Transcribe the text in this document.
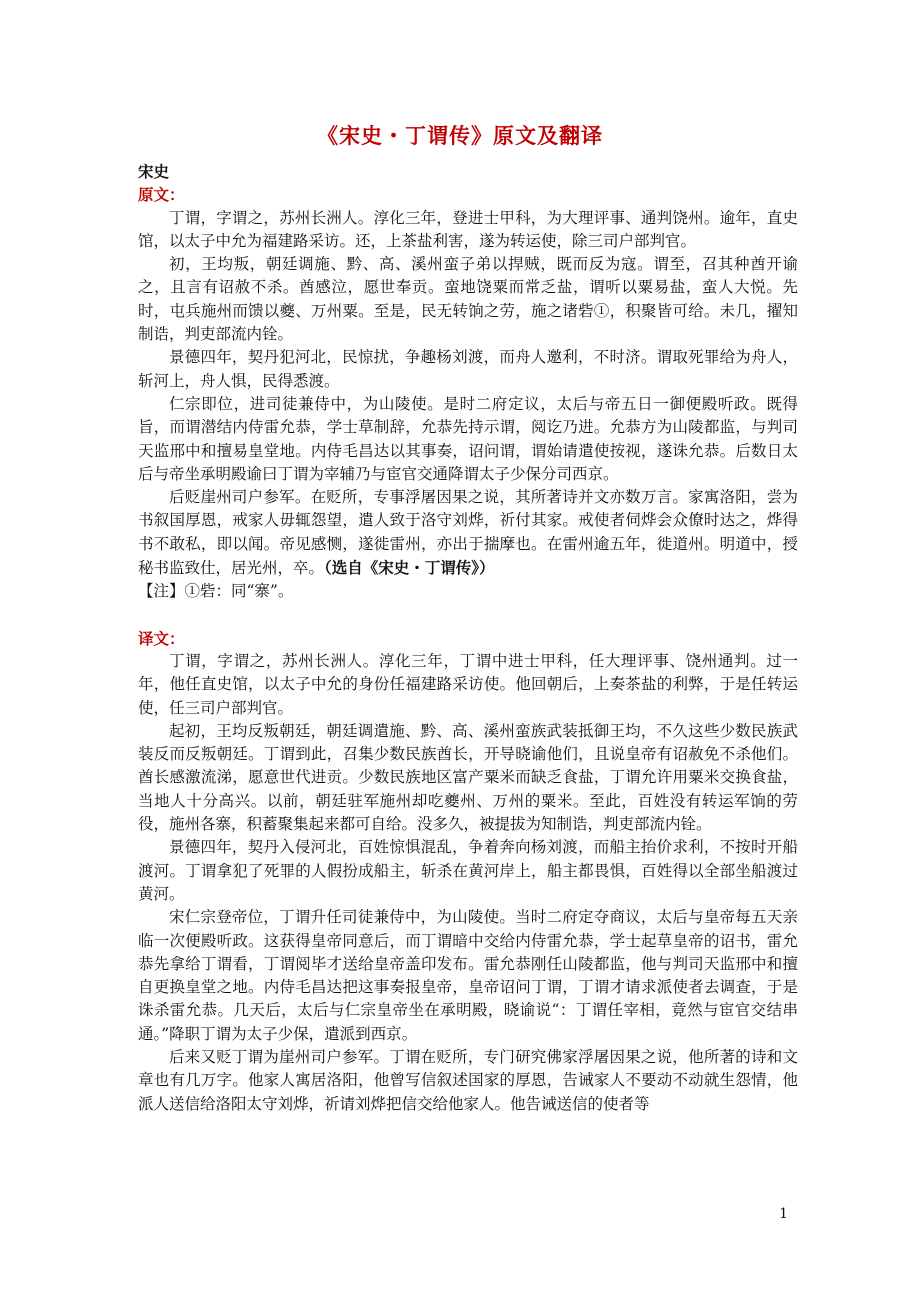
《宋史・丁谓传》原文及翻译
宋史
原文：

丁谓，字谓之，苏州长洲人。淳化三年，登进士甲科，为大理评事、通判饶州。逾年，直史馆，以太子中允为福建路采访。还，上茶盐利害，遂为转运使，除三司户部判官。

初，王均叛，朝廷调施、黔、高、溪州蛮子弟以捍贼，既而反为寇。谓至，召其种酋开谕之，且言有诏赦不杀。酋感泣，愿世奉贡。蛮地饶粟而常乏盐，谓听以粟易盐，蛮人大悦。先时，屯兵施州而馈以夔、万州粟。至是，民无转饷之劳，施之诸砦①，积聚皆可给。未几，擢知制诰，判吏部流内铨。

景德四年，契丹犯河北，民惊扰，争趣杨刘渡，而舟人邀利，不时济。谓取死罪给为舟人，斩河上，舟人惧，民得悉渡。

仁宗即位，进司徒兼侍中，为山陵使。是时二府定议，太后与帝五日一御便殿听政。既得旨，而谓潜结内侍雷允恭，学士草制辞，允恭先持示谓，阅讫乃进。允恭方为山陵都监，与判司天监邢中和擅易皇堂地。内侍毛昌达以其事奏，诏问谓，谓始请遣使按视，遂诛允恭。后数日太后与帝坐承明殿谕曰丁谓为宰辅乃与宦官交通降谓太子少保分司西京。

后贬崖州司户参军。在贬所，专事浮屠因果之说，其所著诗并文亦数万言。家寓洛阳，尝为书叙国厚恩，戒家人毋辄怨望，遣人致于洛守刘烨，祈付其家。戒使者伺烨会众僚时达之，烨得书不敢私，即以闻。帝见感恻，遂徙雷州，亦出于揣摩也。在雷州逾五年，徙道州。明道中，授秘书监致仕，居光州，卒。（选自《宋史・丁谓传》）

【注】①砦：同“寨”。

译文：

丁谓，字谓之，苏州长洲人。淳化三年，丁谓中进士甲科，任大理评事、饶州通判。过一年，他任直史馆，以太子中允的身份任福建路采访使。他回朝后，上奏茶盐的利弊，于是任转运使，任三司户部判官。

起初，王均反叛朝廷，朝廷调遣施、黔、高、溪州蛮族武装抵御王均，不久这些少数民族武装反而反叛朝廷。丁谓到此，召集少数民族酋长，开导晓谕他们，且说皇帝有诏赦免不杀他们。酋长感激流涕，愿意世代进贡。少数民族地区富产粟米而缺乏食盐，丁谓允许用粟米交换食盐，当地人十分高兴。以前，朝廷驻军施州却吃夔州、万州的粟米。至此，百姓没有转运军饷的劳役，施州各寨，积蓄聚集起来都可自给。没多久，被提拔为知制诰，判吏部流内铨。

景德四年，契丹入侵河北，百姓惊惧混乱，争着奔向杨刘渡，而船主抬价求利，不按时开船渡河。丁谓拿犯了死罪的人假扮成船主，斩杀在黄河岸上，船主都畏惧，百姓得以全部坐船渡过黄河。

宋仁宗登帝位，丁谓升任司徒兼侍中，为山陵使。当时二府定夺商议，太后与皇帝每五天亲临一次便殿听政。这获得皇帝同意后，而丁谓暗中交给内侍雷允恭，学士起草皇帝的诏书，雷允恭先拿给丁谓看，丁谓阅毕才送给皇帝盖印发布。雷允恭刚任山陵都监，他与判司天监邢中和擅自更换皇堂之地。内侍毛昌达把这事奏报皇帝，皇帝诏问丁谓，丁谓才请求派使者去调查，于是诛杀雷允恭。几天后，太后与仁宗皇帝坐在承明殿，晓谕说“：丁谓任宰相，竟然与宦官交结串通。”降职丁谓为太子少保，遣派到西京。

后来又贬丁谓为崖州司户参军。丁谓在贬所，专门研究佛家浮屠因果之说，他所著的诗和文章也有几万字。他家人寓居洛阳，他曾写信叙述国家的厚恩，告诫家人不要动不动就生怨情，他派人送信给洛阳太守刘烨，祈请刘烨把信交给他家人。他告诫送信的使者等

1
